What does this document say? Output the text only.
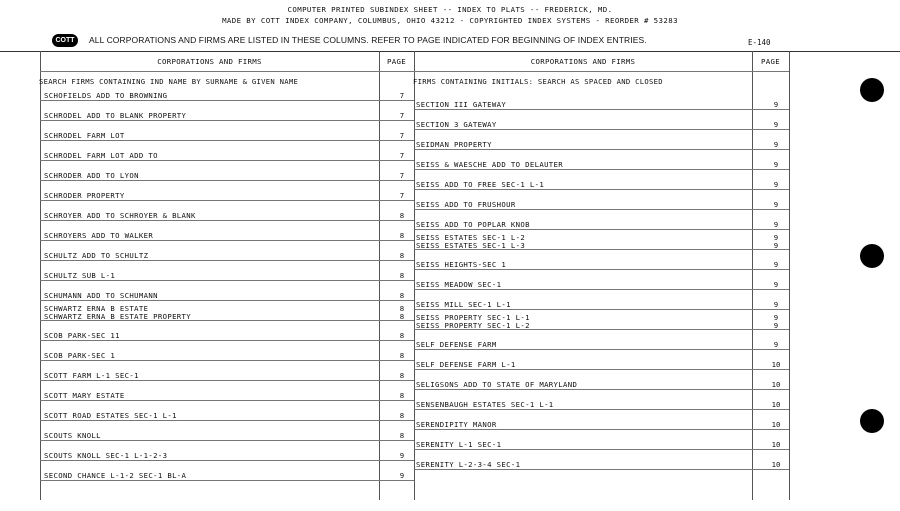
COMPUTER PRINTED SUBINDEX SHEET -- INDEX TO PLATS -- FREDERICK, MD.
MADE BY COTT INDEX COMPANY, COLUMBUS, OHIO 43212 - COPYRIGHTED INDEX SYSTEMS - REORDER # 53283
COTT	ALL CORPORATIONS AND FIRMS ARE LISTED IN THESE COLUMNS. REFER TO PAGE INDICATED FOR BEGINNING OF INDEX ENTRIES.	E-140
CORPORATIONS AND FIRMS	PAGE	CORPORATIONS AND FIRMS	PAGE
SEARCH FIRMS CONTAINING IND NAME BY SURNAME & GIVEN NAME	FIRMS CONTAINING INITIALS: SEARCH AS SPACED AND CLOSED
SCHOFIELDS ADD TO BROWNING	7
SCHRODEL ADD TO BLANK PROPERTY	7
SCHRODEL FARM LOT	7
SCHRODEL FARM LOT ADD TO	7
SCHRODER ADD TO LYON	7
SCHRODER PROPERTY	7
SCHROYER ADD TO SCHROYER & BLANK	8
SCHROYERS ADD TO WALKER	8
SCHULTZ ADD TO SCHULTZ	8
SCHULTZ SUB L-1	8
SCHUMANN ADD TO SCHUMANN	8
SCHWARTZ ERNA B ESTATE	8
SCHWARTZ ERNA B ESTATE PROPERTY	8
SCOB PARK-SEC 11	8
SCOB PARK-SEC 1	8
SCOTT FARM L-1 SEC-1	8
SCOTT MARY ESTATE	8
SCOTT ROAD ESTATES SEC-1 L-1	8
SCOUTS KNOLL	8
SCOUTS KNOLL SEC-1 L-1-2-3	9
SECOND CHANCE L-1-2 SEC-1 BL-A	9
SECTION III GATEWAY	9
SECTION 3 GATEWAY	9
SEIDMAN PROPERTY	9
SEISS & WAESCHE ADD TO DELAUTER	9
SEISS ADD TO FREE SEC-1 L-1	9
SEISS ADD TO FRUSHOUR	9
SEISS ADD TO POPLAR KNOB	9
SEISS ESTATES SEC-1 L-2	9
SEISS ESTATES SEC-1 L-3	9
SEISS HEIGHTS-SEC 1	9
SEISS MEADOW SEC-1	9
SEISS MILL SEC-1 L-1	9
SEISS PROPERTY SEC-1 L-1	9
SEISS PROPERTY SEC-1 L-2	9
SELF DEFENSE FARM	9
SELF DEFENSE FARM L-1	10
SELIGSONS ADD TO STATE OF MARYLAND	10
SENSENBAUGH ESTATES SEC-1 L-1	10
SERENDIPITY MANOR	10
SERENITY L-1 SEC-1	10
SERENITY L-2-3-4 SEC-1	10
